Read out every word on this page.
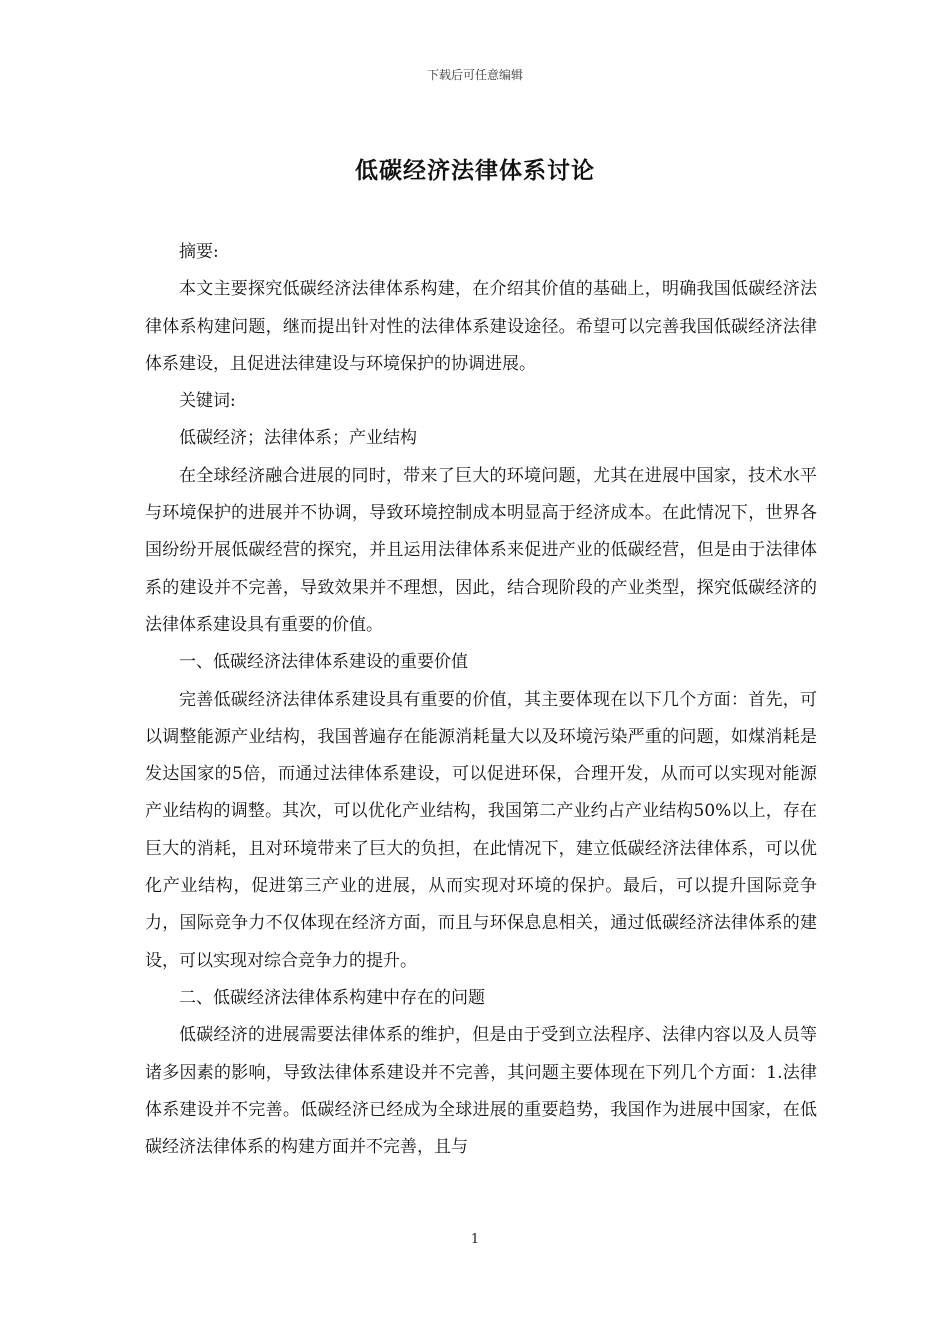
下载后可任意编辑
低碳经济法律体系讨论

摘要:

本文主要探究低碳经济法律体系构建，在介绍其价值的基础上，明确我国低碳经济法律体系构建问题，继而提出针对性的法律体系建设途径。希望可以完善我国低碳经济法律体系建设，且促进法律建设与环境保护的协调进展。

关键词:

低碳经济；法律体系；产业结构

在全球经济融合进展的同时，带来了巨大的环境问题，尤其在进展中国家，技术水平与环境保护的进展并不协调，导致环境控制成本明显高于经济成本。在此情况下，世界各国纷纷开展低碳经营的探究，并且运用法律体系来促进产业的低碳经营，但是由于法律体系的建设并不完善，导致效果并不理想，因此，结合现阶段的产业类型，探究低碳经济的法律体系建设具有重要的价值。

一、低碳经济法律体系建设的重要价值

完善低碳经济法律体系建设具有重要的价值，其主要体现在以下几个方面：首先，可以调整能源产业结构，我国普遍存在能源消耗量大以及环境污染严重的问题，如煤消耗是发达国家的5倍，而通过法律体系建设，可以促进环保，合理开发，从而可以实现对能源产业结构的调整。其次，可以优化产业结构，我国第二产业约占产业结构50%以上，存在巨大的消耗，且对环境带来了巨大的负担，在此情况下，建立低碳经济法律体系，可以优化产业结构，促进第三产业的进展，从而实现对环境的保护。最后，可以提升国际竞争力，国际竞争力不仅体现在经济方面，而且与环保息息相关，通过低碳经济法律体系的建设，可以实现对综合竞争力的提升。

二、低碳经济法律体系构建中存在的问题

低碳经济的进展需要法律体系的维护，但是由于受到立法程序、法律内容以及人员等诸多因素的影响，导致法律体系建设并不完善，其问题主要体现在下列几个方面：1.法律体系建设并不完善。低碳经济已经成为全球进展的重要趋势，我国作为进展中国家，在低碳经济法律体系的构建方面并不完善，且与

1
